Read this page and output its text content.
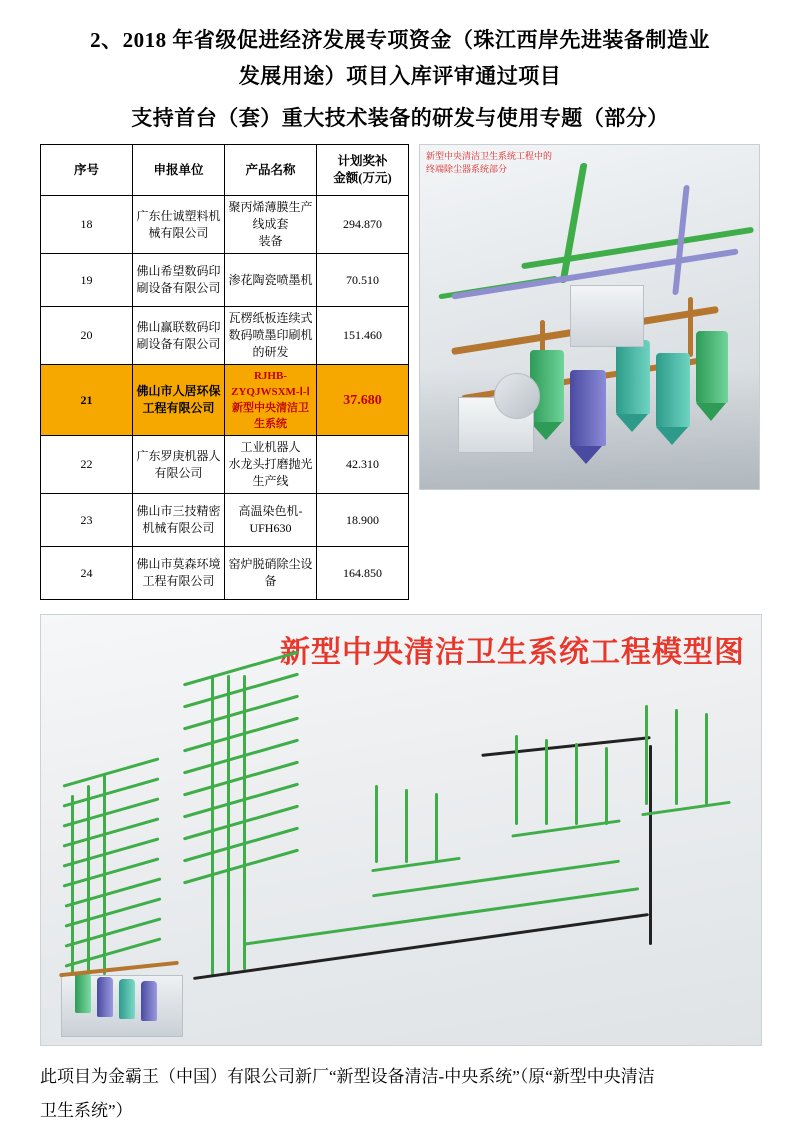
2、2018 年省级促进经济发展专项资金（珠江西岸先进装备制造业
发展用途）项目入库评审通过项目
支持首台（套）重大技术装备的研发与使用专题（部分）
序号	申报单位	产品名称	计划奖补
金额(万元)

18	广东仕诚塑料机
械有限公司	聚丙烯薄膜生产线成套
装备	294.870
19	佛山希望数码印
刷设备有限公司	渗花陶瓷喷墨机	70.510
20	佛山赢联数码印
刷设备有限公司	瓦楞纸板连续式
数码喷墨印刷机的研发	151.460
21	佛山市人居环保
工程有限公司	RJHB-ZYQJWSXM-Ⅰ-Ⅰ
新型中央清洁卫生系统	37.680
22	广东罗庚机器人
有限公司	工业机器人
水龙头打磨抛光生产线	42.310
23	佛山市三技精密
机械有限公司	高温染色机-UFH630	18.900
24	佛山市莫森环境
工程有限公司	窑炉脱硝除尘设备	164.850
新型中央清洁卫生系统工程中的
终端除尘器系统部分
新型中央清洁卫生系统工程模型图
此项目为金霸王（中国）有限公司新厂“新型设备清洁-中央系统”（原“新型中央清洁
卫生系统”）
